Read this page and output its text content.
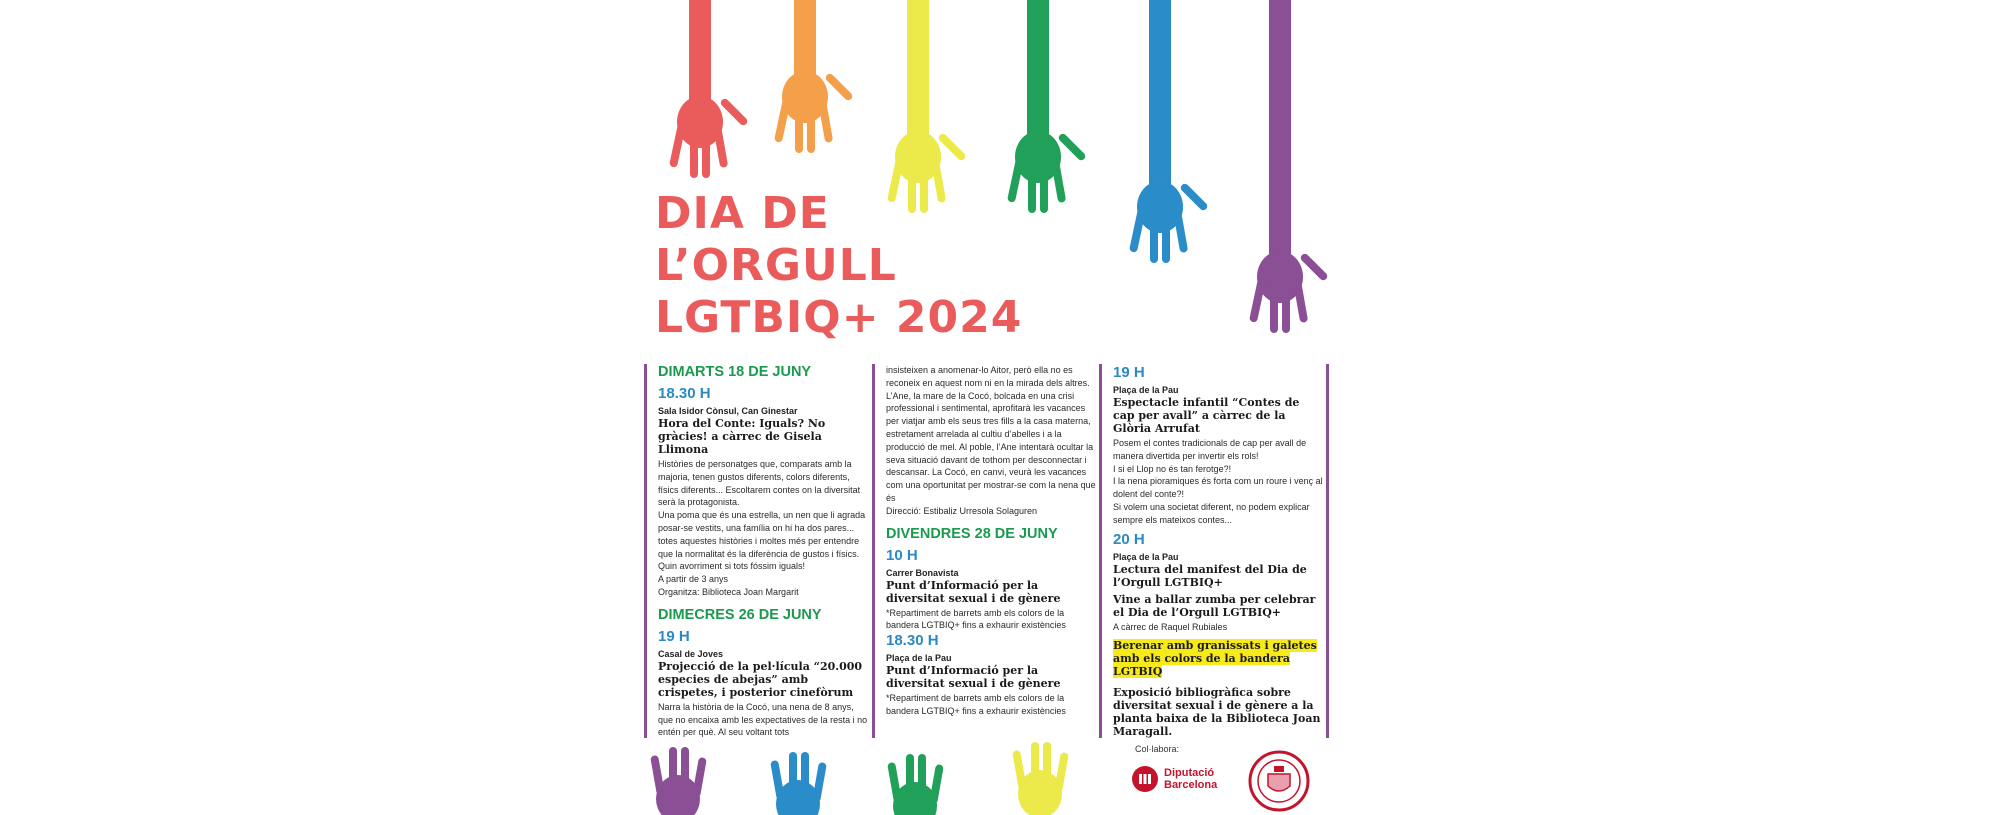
DIA DE
L’ORGULL
LGTBIQ+ 2024

DIMARTS 18 DE JUNY

18.30 H

Sala Isidor Cònsul, Can Ginestar

Hora del Conte: Iguals? No gràcies! a càrrec de Gisela Llimona

Històries de personatges que, comparats amb la majoria, tenen gustos diferents, colors diferents, físics diferents... Escoltarem contes on la diversitat serà la protagonista.

Una poma que és una estrella, un nen que li agrada posar-se vestits, una família on hi ha dos pares... totes aquestes històries i moltes més per entendre que la normalitat és la diferència de gustos i físics. Quin avorriment si tots fóssim iguals!

A partir de 3 anys

Organitza: Biblioteca Joan Margarit

DIMECRES 26 DE JUNY

19 H

Casal de Joves

Projecció de la pel·lícula “20.000 especies de abejas” amb crispetes, i posterior cinefòrum

Narra la història de la Cocó, una nena de 8 anys, que no encaixa amb les expectatives de la resta i no entén per què. Al seu voltant tots

insisteixen a anomenar-lo Aitor, però ella no es reconeix en aquest nom ni en la mirada dels altres. L’Ane, la mare de la Cocó, bolcada en una crisi professional i sentimental, aprofitarà les vacances per viatjar amb els seus tres fills a la casa materna, estretament arrelada al cultiu d’abelles i a la producció de mel. Al poble, l’Ane intentarà ocultar la seva situació davant de tothom per desconnectar i descansar. La Cocó, en canvi, veurà les vacances com una oportunitat per mostrar-se com la nena que és

Direcció: Estibaliz Urresola Solaguren

DIVENDRES 28 DE JUNY

10 H

Carrer Bonavista

Punt d’Informació per la diversitat sexual i de gènere

*Repartiment de barrets amb els colors de la bandera LGTBIQ+ fins a exhaurir existències

18.30 H

Plaça de la Pau

Punt d’Informació per la diversitat sexual i de gènere

*Repartiment de barrets amb els colors de la bandera LGTBIQ+ fins a exhaurir existències

19 H

Plaça de la Pau

Espectacle infantil “Contes de cap per avall” a càrrec de la Glòria Arrufat

Posem el contes tradicionals de cap per avall de manera divertida per invertir els rols!

I si el Llop no és tan ferotge?!

I la nena pioramiques és forta com un roure i venç al dolent del conte?!

Si volem una societat diferent, no podem explicar sempre els mateixos contes...

20 H

Plaça de la Pau

Lectura del manifest del Dia de l’Orgull LGTBIQ+

Vine a ballar zumba per celebrar el Dia de l’Orgull LGTBIQ+

A càrrec de Raquel Rubiales

Berenar amb granissats i galetes amb els colors de la bandera LGTBIQ

Exposició bibliogràfica sobre diversitat sexual i de gènere a la planta baixa de la Biblioteca Joan Maragall.

Col·labora:
Diputació
Barcelona
